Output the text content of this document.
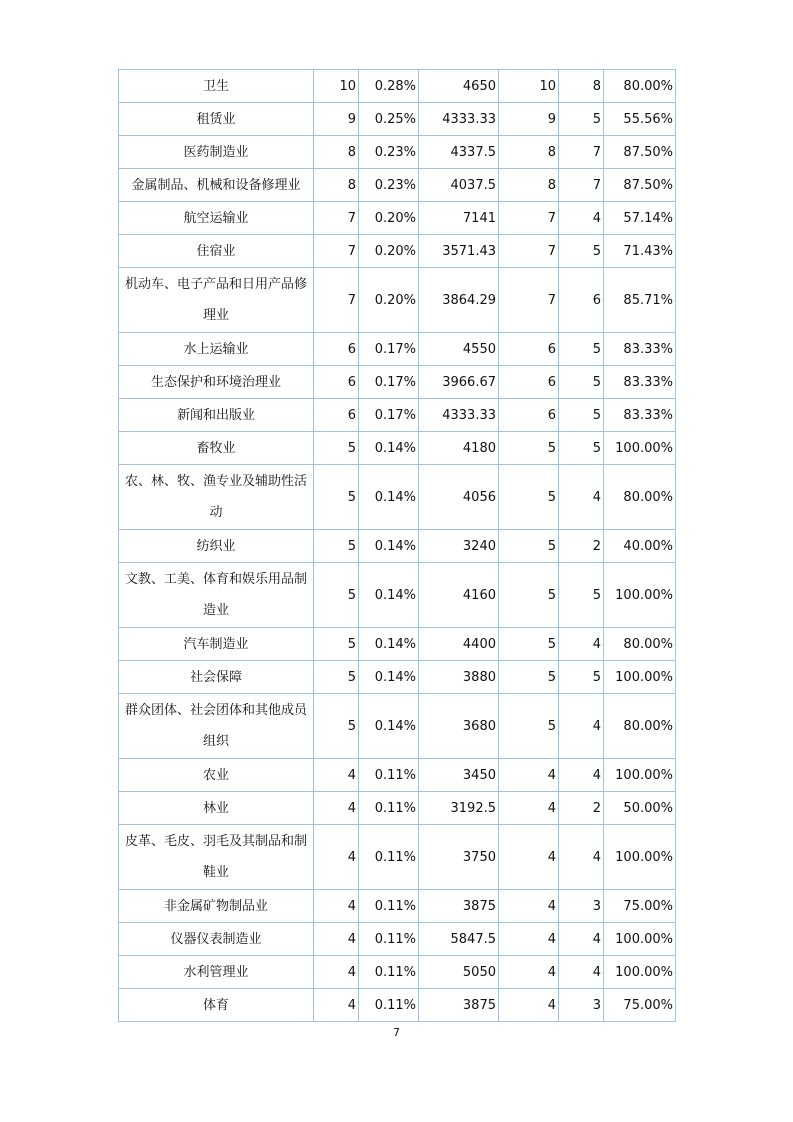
卫生	10	0.28%	4650	10	8	80.00%
租赁业	9	0.25%	4333.33	9	5	55.56%
医药制造业	8	0.23%	4337.5	8	7	87.50%
金属制品、机械和设备修理业	8	0.23%	4037.5	8	7	87.50%
航空运输业	7	0.20%	7141	7	4	57.14%
住宿业	7	0.20%	3571.43	7	5	71.43%
机动车、电子产品和日用产品修理业	7	0.20%	3864.29	7	6	85.71%
水上运输业	6	0.17%	4550	6	5	83.33%
生态保护和环境治理业	6	0.17%	3966.67	6	5	83.33%
新闻和出版业	6	0.17%	4333.33	6	5	83.33%
畜牧业	5	0.14%	4180	5	5	100.00%
农、林、牧、渔专业及辅助性活动	5	0.14%	4056	5	4	80.00%
纺织业	5	0.14%	3240	5	2	40.00%
文教、工美、体育和娱乐用品制造业	5	0.14%	4160	5	5	100.00%
汽车制造业	5	0.14%	4400	5	4	80.00%
社会保障	5	0.14%	3880	5	5	100.00%
群众团体、社会团体和其他成员组织	5	0.14%	3680	5	4	80.00%
农业	4	0.11%	3450	4	4	100.00%
林业	4	0.11%	3192.5	4	2	50.00%
皮革、毛皮、羽毛及其制品和制鞋业	4	0.11%	3750	4	4	100.00%
非金属矿物制品业	4	0.11%	3875	4	3	75.00%
仪器仪表制造业	4	0.11%	5847.5	4	4	100.00%
水利管理业	4	0.11%	5050	4	4	100.00%
体育	4	0.11%	3875	4	3	75.00%
7
